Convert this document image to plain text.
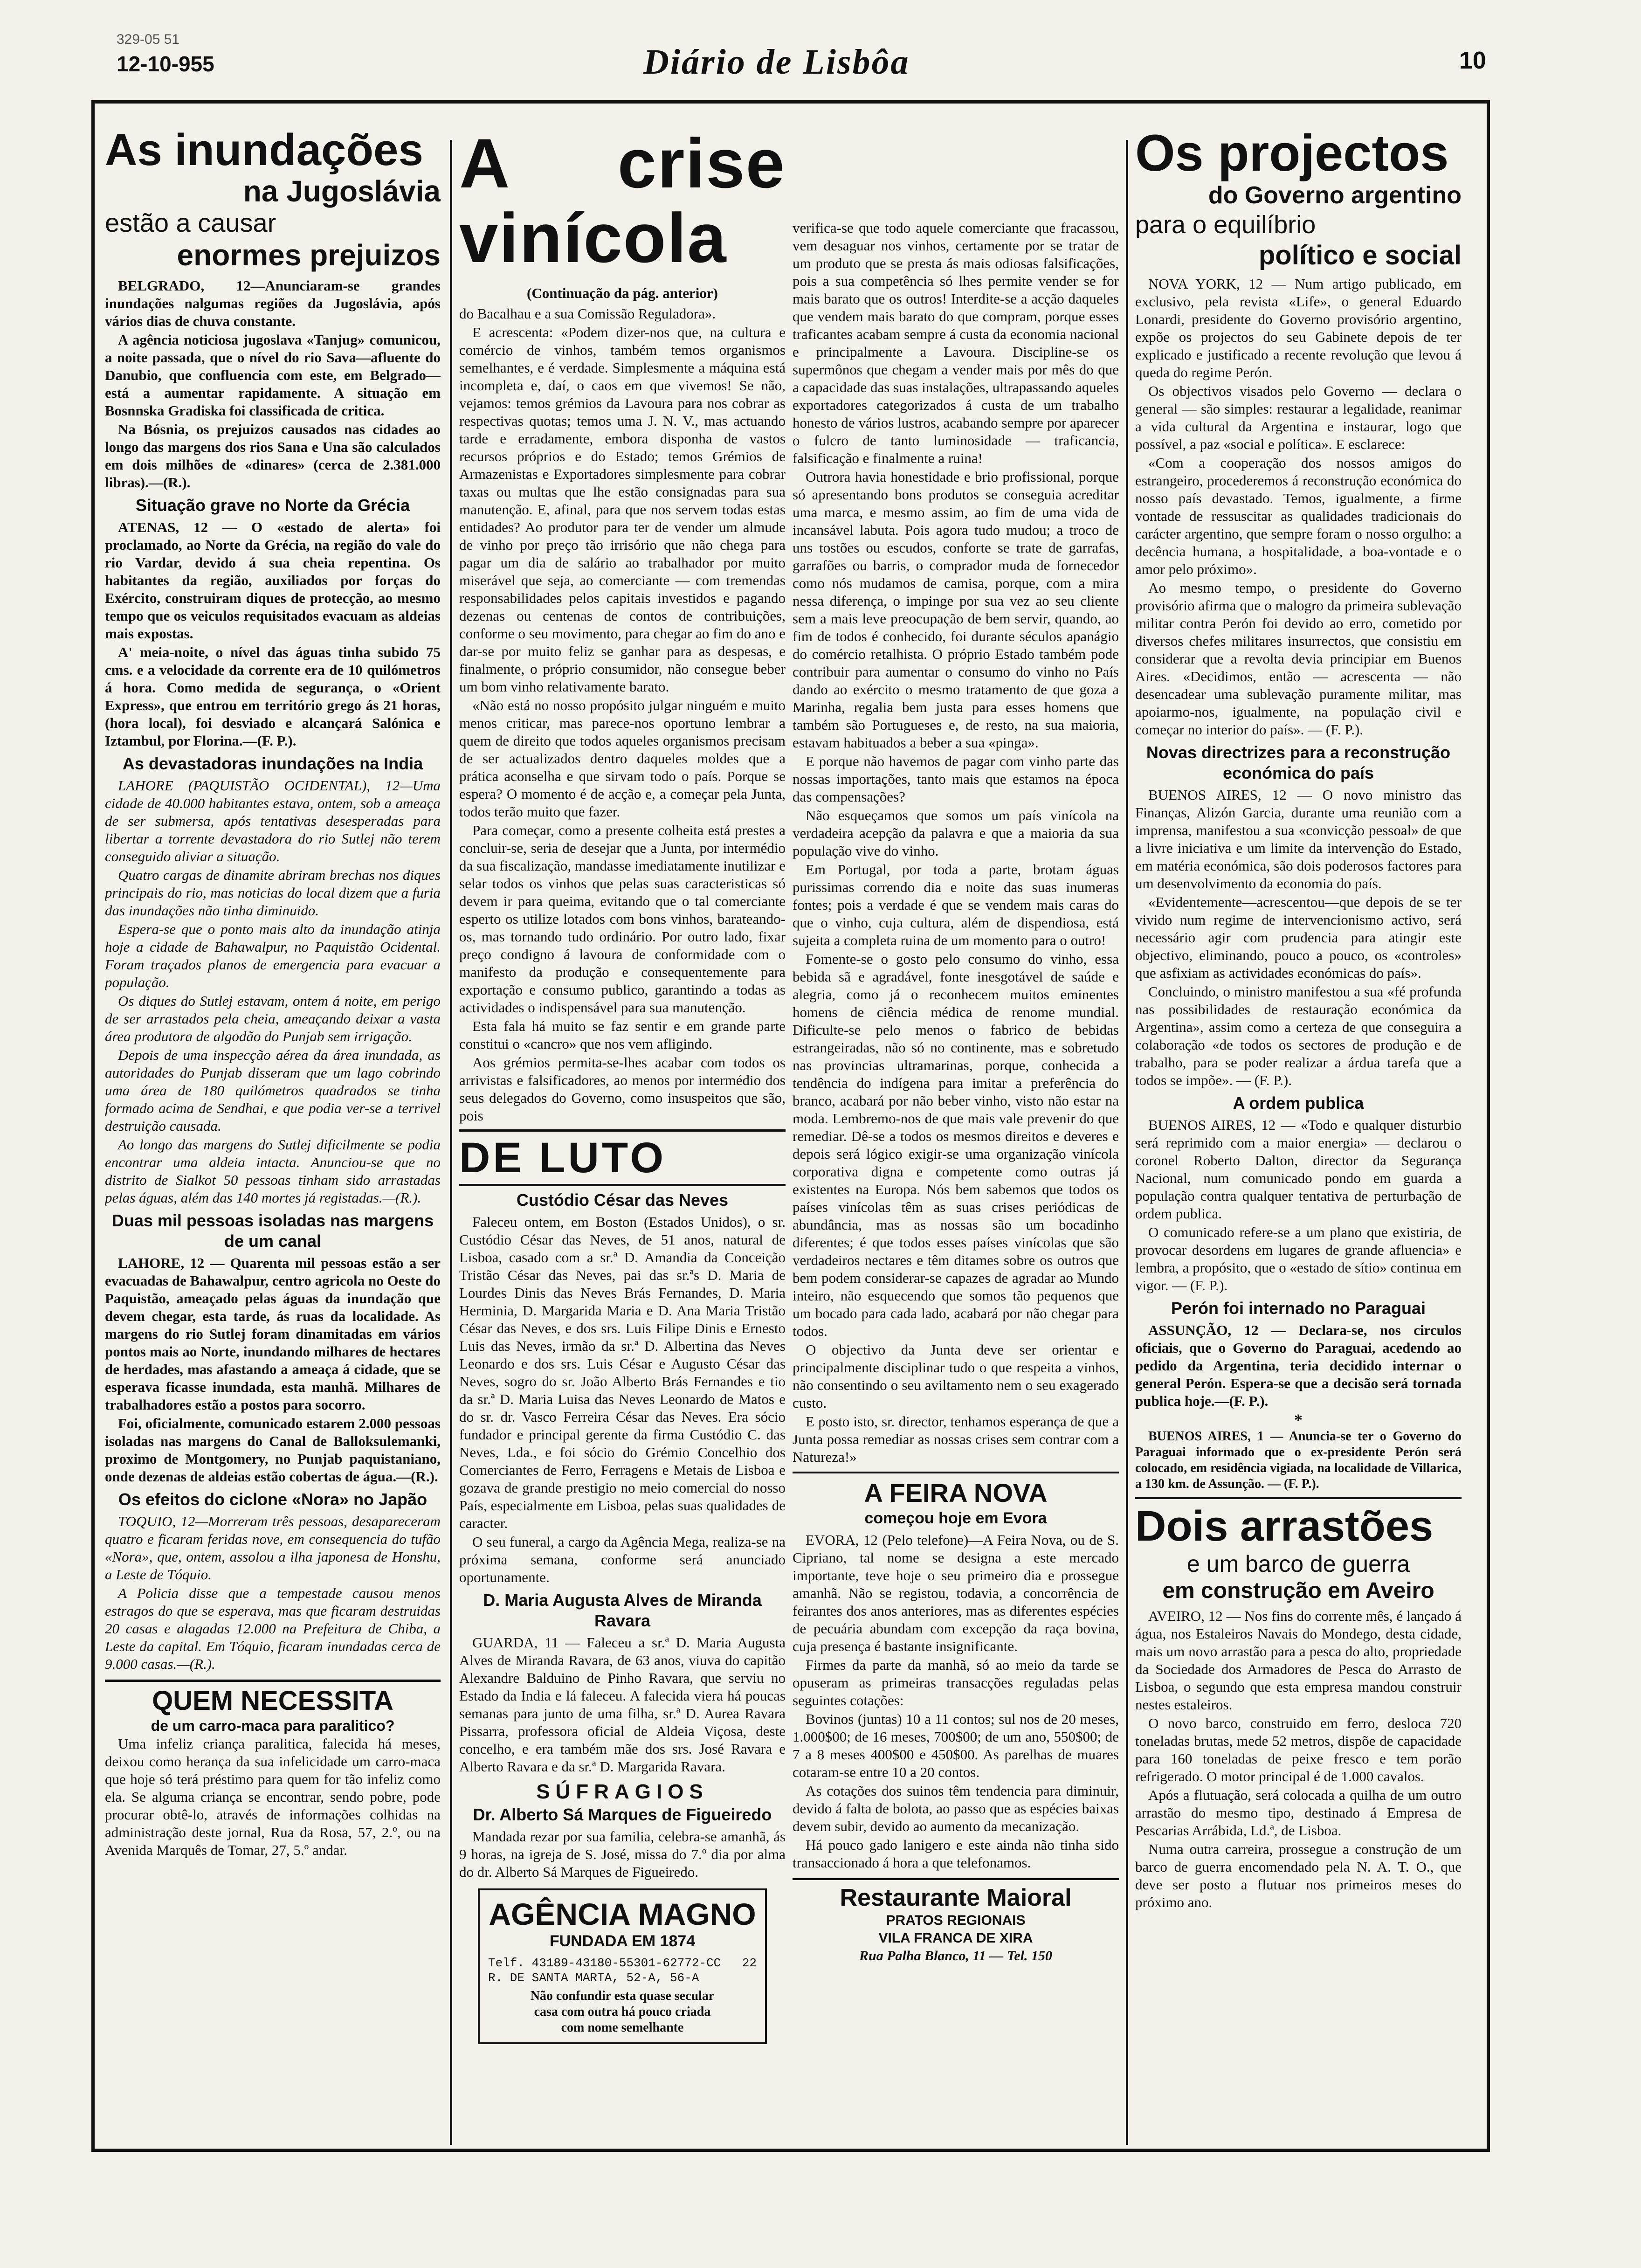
329-05 51
12-10-955	Diário de Lisbôa	10
As inundações
na Jugoslávia
estão a causar
enormes prejuizos

BELGRADO, 12—Anunciaram-se grandes inundações nalgumas regiões da Jugoslávia, após vários dias de chuva constante.

A agência noticiosa jugoslava «Tanjug» comunicou, a noite passada, que o nível do rio Sava—afluente do Danubio, que confluencia com este, em Belgrado—está a aumentar rapidamente. A situação em Bosnnska Gradiska foi classificada de critica.

Na Bósnia, os prejuizos causados nas cidades ao longo das margens dos rios Sana e Una são calculados em dois milhões de «dinares» (cerca de 2.381.000 libras).—(R.).

Situação grave no Norte da Grécia

ATENAS, 12 — O «estado de alerta» foi proclamado, ao Norte da Grécia, na região do vale do rio Vardar, devido á sua cheia repentina. Os habitantes da região, auxiliados por forças do Exército, construiram diques de protecção, ao mesmo tempo que os veiculos requisitados evacuam as aldeias mais expostas.

A' meia-noite, o nível das águas tinha subido 75 cms. e a velocidade da corrente era de 10 quilómetros á hora. Como medida de segurança, o «Orient Express», que entrou em território grego ás 21 horas, (hora local), foi desviado e alcançará Salónica e Iztambul, por Florina.—(F. P.).

As devastadoras inundações na India

LAHORE (PAQUISTÃO OCIDENTAL), 12—Uma cidade de 40.000 habitantes estava, ontem, sob a ameaça de ser submersa, após tentativas desesperadas para libertar a torrente devastadora do rio Sutlej não terem conseguido aliviar a situação.

Quatro cargas de dinamite abriram brechas nos diques principais do rio, mas noticias do local dizem que a furia das inundações não tinha diminuido.

Espera-se que o ponto mais alto da inundação atinja hoje a cidade de Bahawalpur, no Paquistão Ocidental. Foram traçados planos de emergencia para evacuar a população.

Os diques do Sutlej estavam, ontem á noite, em perigo de ser arrastados pela cheia, ameaçando deixar a vasta área produtora de algodão do Punjab sem irrigação.

Depois de uma inspecção aérea da área inundada, as autoridades do Punjab disseram que um lago cobrindo uma área de 180 quilómetros quadrados se tinha formado acima de Sendhai, e que podia ver-se a terrivel destruição causada.

Ao longo das margens do Sutlej dificilmente se podia encontrar uma aldeia intacta. Anunciou-se que no distrito de Sialkot 50 pessoas tinham sido arrastadas pelas águas, além das 140 mortes já registadas.—(R.).

Duas mil pessoas isoladas nas margens de um canal

LAHORE, 12 — Quarenta mil pessoas estão a ser evacuadas de Bahawalpur, centro agricola no Oeste do Paquistão, ameaçado pelas águas da inundação que devem chegar, esta tarde, ás ruas da localidade. As margens do rio Sutlej foram dinamitadas em vários pontos mais ao Norte, inundando milhares de hectares de herdades, mas afastando a ameaça á cidade, que se esperava ficasse inundada, esta manhã. Milhares de trabalhadores estão a postos para socorro.

Foi, oficialmente, comunicado estarem 2.000 pessoas isoladas nas margens do Canal de Balloksulemanki, proximo de Montgomery, no Punjab paquistaniano, onde dezenas de aldeias estão cobertas de água.—(R.).

Os efeitos do ciclone «Nora» no Japão

TOQUIO, 12—Morreram três pessoas, desapareceram quatro e ficaram feridas nove, em consequencia do tufão «Nora», que, ontem, assolou a ilha japonesa de Honshu, a Leste de Tóquio.

A Policia disse que a tempestade causou menos estragos do que se esperava, mas que ficaram destruidas 20 casas e alagadas 12.000 na Prefeitura de Chiba, a Leste da capital. Em Tóquio, ficaram inundadas cerca de 9.000 casas.—(R.).

QUEM NECESSITA
de um carro-maca para paralitico?

Uma infeliz criança paralitica, falecida há meses, deixou como herança da sua infelicidade um carro-maca que hoje só terá préstimo para quem for tão infeliz como ela. Se alguma criança se encontrar, sendo pobre, pode procurar obtê-lo, através de informações colhidas na administração deste jornal, Rua da Rosa, 57, 2.º, ou na Avenida Marquês de Tomar, 27, 5.º andar.

A crise vinícola
(Continuação da pág. anterior)

do Bacalhau e a sua Comissão Reguladora».

E acrescenta: «Podem dizer-nos que, na cultura e comércio de vinhos, também temos organismos semelhantes, e é verdade. Simplesmente a máquina está incompleta e, daí, o caos em que vivemos! Se não, vejamos: temos grémios da Lavoura para nos cobrar as respectivas quotas; temos uma J. N. V., mas actuando tarde e erradamente, embora disponha de vastos recursos próprios e do Estado; temos Grémios de Armazenistas e Exportadores simplesmente para cobrar taxas ou multas que lhe estão consignadas para sua manutenção. E, afinal, para que nos servem todas estas entidades? Ao produtor para ter de vender um almude de vinho por preço tão irrisório que não chega para pagar um dia de salário ao trabalhador por muito miserável que seja, ao comerciante — com tremendas responsabilidades pelos capitais investidos e pagando dezenas ou centenas de contos de contribuições, conforme o seu movimento, para chegar ao fim do ano e dar-se por muito feliz se ganhar para as despesas, e finalmente, o próprio consumidor, não consegue beber um bom vinho relativamente barato.

«Não está no nosso propósito julgar ninguém e muito menos criticar, mas parece-nos oportuno lembrar a quem de direito que todos aqueles organismos precisam de ser actualizados dentro daqueles moldes que a prática aconselha e que sirvam todo o país. Porque se espera? O momento é de acção e, a começar pela Junta, todos terão muito que fazer.

Para começar, como a presente colheita está prestes a concluir-se, seria de desejar que a Junta, por intermédio da sua fiscalização, mandasse imediatamente inutilizar e selar todos os vinhos que pelas suas caracteristicas só devem ir para queima, evitando que o tal comerciante esperto os utilize lotados com bons vinhos, barateando-os, mas tornando tudo ordinário. Por outro lado, fixar preço condigno á lavoura de conformidade com o manifesto da produção e consequentemente para exportação e consumo publico, garantindo a todas as actividades o indispensável para sua manutenção.

Esta fala há muito se faz sentir e em grande parte constitui o «cancro» que nos vem afligindo.

Aos grémios permita-se-lhes acabar com todos os arrivistas e falsificadores, ao menos por intermédio dos seus delegados do Governo, como insuspeitos que são, pois

DE LUTO
Custódio César das Neves

Faleceu ontem, em Boston (Estados Unidos), o sr. Custódio César das Neves, de 51 anos, natural de Lisboa, casado com a sr.ª D. Amandia da Conceição Tristão César das Neves, pai das sr.ªs D. Maria de Lourdes Dinis das Neves Brás Fernandes, D. Maria Herminia, D. Margarida Maria e D. Ana Maria Tristão César das Neves, e dos srs. Luis Filipe Dinis e Ernesto Luis das Neves, irmão da sr.ª D. Albertina das Neves Leonardo e dos srs. Luis César e Augusto César das Neves, sogro do sr. João Alberto Brás Fernandes e tio da sr.ª D. Maria Luisa das Neves Leonardo de Matos e do sr. dr. Vasco Ferreira César das Neves. Era sócio fundador e principal gerente da firma Custódio C. das Neves, Lda., e foi sócio do Grémio Concelhio dos Comerciantes de Ferro, Ferragens e Metais de Lisboa e gozava de grande prestigio no meio comercial do nosso País, especialmente em Lisboa, pelas suas qualidades de caracter.

O seu funeral, a cargo da Agência Mega, realiza-se na próxima semana, conforme será anunciado oportunamente.

D. Maria Augusta Alves de Miranda Ravara

GUARDA, 11 — Faleceu a sr.ª D. Maria Augusta Alves de Miranda Ravara, de 63 anos, viuva do capitão Alexandre Balduino de Pinho Ravara, que serviu no Estado da India e lá faleceu. A falecida viera há poucas semanas para junto de uma filha, sr.ª D. Aurea Ravara Pissarra, professora oficial de Aldeia Viçosa, deste concelho, e era também mãe dos srs. José Ravara e Alberto Ravara e da sr.ª D. Margarida Ravara.

SÚFRAGIOS
Dr. Alberto Sá Marques de Figueiredo

Mandada rezar por sua familia, celebra-se amanhã, ás 9 horas, na igreja de S. José, missa do 7.º dia por alma do dr. Alberto Sá Marques de Figueiredo.

AGÊNCIA MAGNO
FUNDADA EM 1874
Telf. 43189-43180-55301-62772-CC 22
R. DE SANTA MARTA, 52-A, 56-A
Não confundir esta quase secular
casa com outra há pouco criada
com nome semelhante

verifica-se que todo aquele comerciante que fracassou, vem desaguar nos vinhos, certamente por se tratar de um produto que se presta ás mais odiosas falsificações, pois a sua competência só lhes permite vender se for mais barato que os outros! Interdite-se a acção daqueles que vendem mais barato do que compram, porque esses traficantes acabam sempre á custa da economia nacional e principalmente a Lavoura. Discipline-se os supermônos que chegam a vender mais por mês do que a capacidade das suas instalações, ultrapassando aqueles exportadores categorizados á custa de um trabalho honesto de vários lustros, acabando sempre por aparecer o fulcro de tanto luminosidade — traficancia, falsificação e finalmente a ruina!

Outrora havia honestidade e brio profissional, porque só apresentando bons produtos se conseguia acreditar uma marca, e mesmo assim, ao fim de uma vida de incansável labuta. Pois agora tudo mudou; a troco de uns tostões ou escudos, conforte se trate de garrafas, garrafões ou barris, o comprador muda de fornecedor como nós mudamos de camisa, porque, com a mira nessa diferença, o impinge por sua vez ao seu cliente sem a mais leve preocupação de bem servir, quando, ao fim de todos é conhecido, foi durante séculos apanágio do comércio retalhista. O próprio Estado também pode contribuir para aumentar o consumo do vinho no País dando ao exército o mesmo tratamento de que goza a Marinha, regalia bem justa para esses homens que também são Portugueses e, de resto, na sua maioria, estavam habituados a beber a sua «pinga».

E porque não havemos de pagar com vinho parte das nossas importações, tanto mais que estamos na época das compensações?

Não esqueçamos que somos um país vinícola na verdadeira acepção da palavra e que a maioria da sua população vive do vinho.

Em Portugal, por toda a parte, brotam águas purissimas correndo dia e noite das suas inumeras fontes; pois a verdade é que se vendem mais caras do que o vinho, cuja cultura, além de dispendiosa, está sujeita a completa ruina de um momento para o outro!

Fomente-se o gosto pelo consumo do vinho, essa bebida sã e agradável, fonte inesgotável de saúde e alegria, como já o reconhecem muitos eminentes homens de ciência médica de renome mundial. Dificulte-se pelo menos o fabrico de bebidas estrangeiradas, não só no continente, mas e sobretudo nas provincias ultramarinas, porque, conhecida a tendência do indígena para imitar a preferência do branco, acabará por não beber vinho, visto não estar na moda. Lembremo-nos de que mais vale prevenir do que remediar. Dê-se a todos os mesmos direitos e deveres e depois será lógico exigir-se uma organização vinícola corporativa digna e competente como outras já existentes na Europa. Nós bem sabemos que todos os países vinícolas têm as suas crises periódicas de abundância, mas as nossas são um bocadinho diferentes; é que todos esses países vinícolas que são verdadeiros nectares e têm ditames sobre os outros que bem podem considerar-se capazes de agradar ao Mundo inteiro, não esquecendo que somos tão pequenos que um bocado para cada lado, acabará por não chegar para todos.

O objectivo da Junta deve ser orientar e principalmente disciplinar tudo o que respeita a vinhos, não consentindo o seu aviltamento nem o seu exagerado custo.

E posto isto, sr. director, tenhamos esperança de que a Junta possa remediar as nossas crises sem contrar com a Natureza!»

A FEIRA NOVA
começou hoje em Evora

EVORA, 12 (Pelo telefone)—A Feira Nova, ou de S. Cipriano, tal nome se designa a este mercado importante, teve hoje o seu primeiro dia e prossegue amanhã. Não se registou, todavia, a concorrência de feirantes dos anos anteriores, mas as diferentes espécies de pecuária abundam com excepção da raça bovina, cuja presença é bastante insignificante.

Firmes da parte da manhã, só ao meio da tarde se opuseram as primeiras transacções reguladas pelas seguintes cotações:

Bovinos (juntas) 10 a 11 contos; sul nos de 20 meses, 1.000$00; de 16 meses, 700$00; de um ano, 550$00; de 7 a 8 meses 400$00 e 450$00. As parelhas de muares cotaram-se entre 10 a 20 contos.

As cotações dos suinos têm tendencia para diminuir, devido á falta de bolota, ao passo que as espécies baixas devem subir, devido ao aumento da mecanização.

Há pouco gado lanigero e este ainda não tinha sido transaccionado á hora a que telefonamos.

Restaurante Maioral
PRATOS REGIONAIS
VILA FRANCA DE XIRA
Rua Palha Blanco, 11 — Tel. 150
Os projectos
do Governo argentino
para o equilíbrio
político e social

NOVA YORK, 12 — Num artigo publicado, em exclusivo, pela revista «Life», o general Eduardo Lonardi, presidente do Governo provisório argentino, expõe os projectos do seu Gabinete depois de ter explicado e justificado a recente revolução que levou á queda do regime Perón.

Os objectivos visados pelo Governo — declara o general — são simples: restaurar a legalidade, reanimar a vida cultural da Argentina e instaurar, logo que possível, a paz «social e política». E esclarece:

«Com a cooperação dos nossos amigos do estrangeiro, procederemos á reconstrução económica do nosso país devastado. Temos, igualmente, a firme vontade de ressuscitar as qualidades tradicionais do carácter argentino, que sempre foram o nosso orgulho: a decência humana, a hospitalidade, a boa-vontade e o amor pelo próximo».

Ao mesmo tempo, o presidente do Governo provisório afirma que o malogro da primeira sublevação militar contra Perón foi devido ao erro, cometido por diversos chefes militares insurrectos, que consistiu em considerar que a revolta devia principiar em Buenos Aires. «Decidimos, então — acrescenta — não desencadear uma sublevação puramente militar, mas apoiarmo-nos, igualmente, na população civil e começar no interior do país». — (F. P.).

Novas directrizes para a reconstrução económica do país

BUENOS AIRES, 12 — O novo ministro das Finanças, Alizón Garcia, durante uma reunião com a imprensa, manifestou a sua «convicção pessoal» de que a livre iniciativa e um limite da intervenção do Estado, em matéria económica, são dois poderosos factores para um desenvolvimento da economia do país.

«Evidentemente—acrescentou—que depois de se ter vivido num regime de intervencionismo activo, será necessário agir com prudencia para atingir este objectivo, eliminando, pouco a pouco, os «controles» que asfixiam as actividades económicas do país».

Concluindo, o ministro manifestou a sua «fé profunda nas possibilidades de restauração económica da Argentina», assim como a certeza de que conseguira a colaboração «de todos os sectores de produção e de trabalho, para se poder realizar a árdua tarefa que a todos se impõe». — (F. P.).

A ordem publica

BUENOS AIRES, 12 — «Todo e qualquer disturbio será reprimido com a maior energia» — declarou o coronel Roberto Dalton, director da Segurança Nacional, num comunicado pondo em guarda a população contra qualquer tentativa de perturbação de ordem publica.

O comunicado refere-se a um plano que existiria, de provocar desordens em lugares de grande afluencia» e lembra, a propósito, que o «estado de sítio» continua em vigor. — (F. P.).

Perón foi internado no Paraguai

ASSUNÇÃO, 12 — Declara-se, nos circulos oficiais, que o Governo do Paraguai, acedendo ao pedido da Argentina, teria decidido internar o general Perón. Espera-se que a decisão será tornada publica hoje.—(F. P.).

*

BUENOS AIRES, 1 — Anuncia-se ter o Governo do Paraguai informado que o ex-presidente Perón será colocado, em residência vigiada, na localidade de Villarica, a 130 km. de Assunção. — (F. P.).

Dois arrastões
e um barco de guerra
em construção em Aveiro

AVEIRO, 12 — Nos fins do corrente mês, é lançado á água, nos Estaleiros Navais do Mondego, desta cidade, mais um novo arrastão para a pesca do alto, propriedade da Sociedade dos Armadores de Pesca do Arrasto de Lisboa, o segundo que esta empresa mandou construir nestes estaleiros.

O novo barco, construido em ferro, desloca 720 toneladas brutas, mede 52 metros, dispõe de capacidade para 160 toneladas de peixe fresco e tem porão refrigerado. O motor principal é de 1.000 cavalos.

Após a flutuação, será colocada a quilha de um outro arrastão do mesmo tipo, destinado á Empresa de Pescarias Arrábida, Ld.ª, de Lisboa.

Numa outra carreira, prossegue a construção de um barco de guerra encomendado pela N. A. T. O., que deve ser posto a flutuar nos primeiros meses do próximo ano.
